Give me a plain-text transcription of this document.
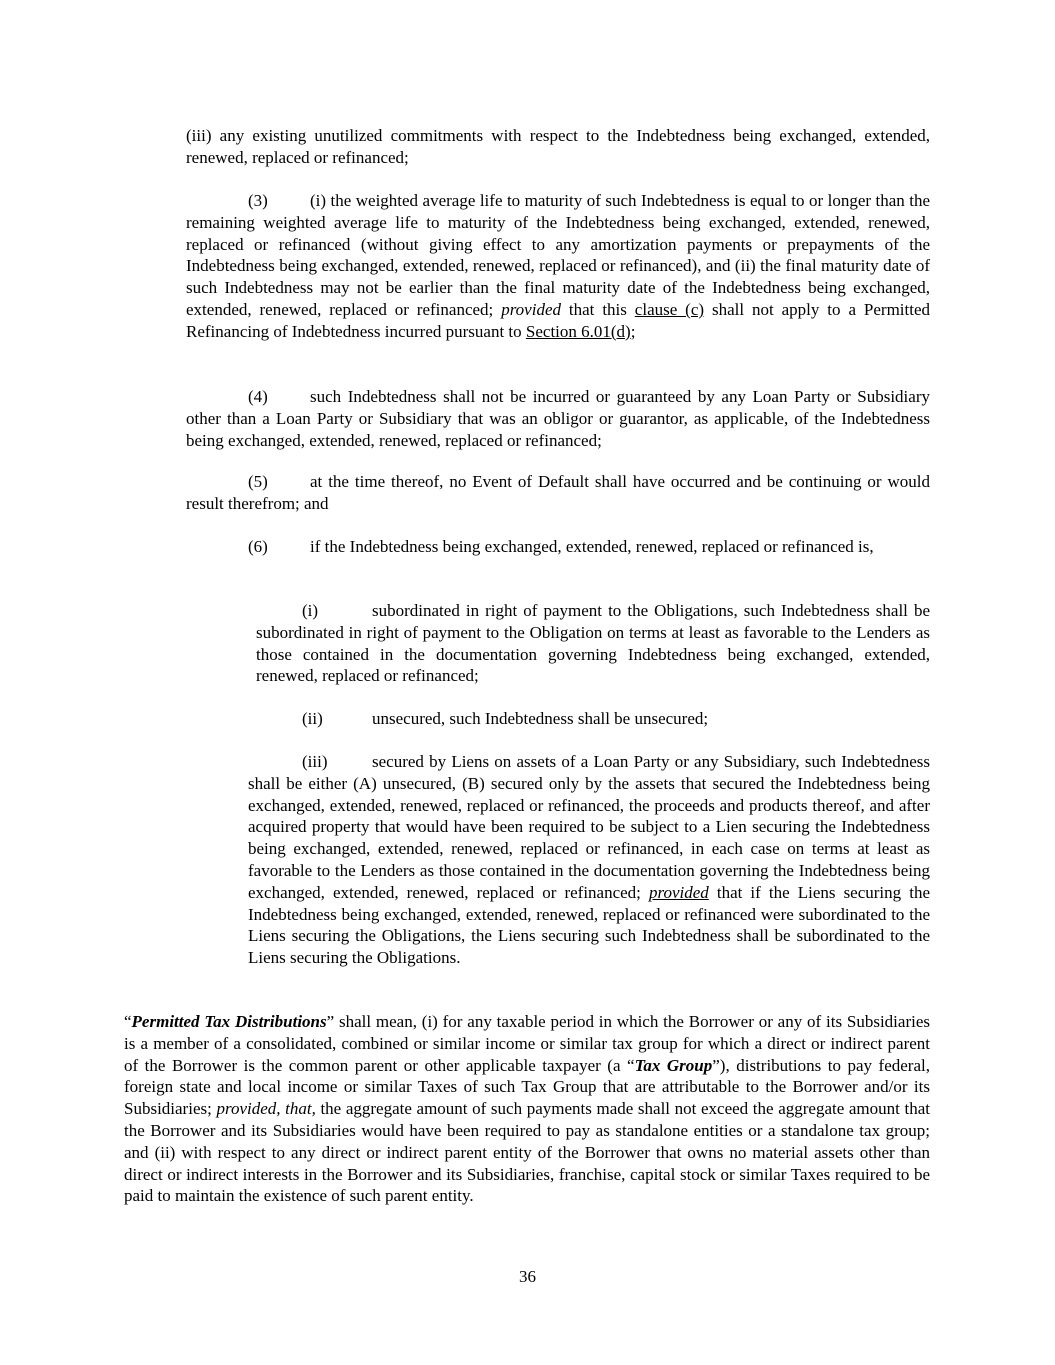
(iii) any existing unutilized commitments with respect to the Indebtedness being exchanged, extended, renewed, replaced or refinanced;

(3) (i) the weighted average life to maturity of such Indebtedness is equal to or longer than the remaining weighted average life to maturity of the Indebtedness being exchanged, extended, renewed, replaced or refinanced (without giving effect to any amortization payments or prepayments of the Indebtedness being exchanged, extended, renewed, replaced or refinanced), and (ii) the final maturity date of such Indebtedness may not be earlier than the final maturity date of the Indebtedness being exchanged, extended, renewed, replaced or refinanced; provided that this clause (c) shall not apply to a Permitted Refinancing of Indebtedness incurred pursuant to Section 6.01(d);

(4) such Indebtedness shall not be incurred or guaranteed by any Loan Party or Subsidiary other than a Loan Party or Subsidiary that was an obligor or guarantor, as applicable, of the Indebtedness being exchanged, extended, renewed, replaced or refinanced;

(5) at the time thereof, no Event of Default shall have occurred and be continuing or would result therefrom; and

(6) if the Indebtedness being exchanged, extended, renewed, replaced or refinanced is,

(i)	subordinated in right of payment to the Obligations, such Indebtedness shall be subordinated in right of payment to the Obligation on terms at least as favorable to the Lenders as those contained in the documentation governing Indebtedness being exchanged, extended, renewed, replaced or refinanced;

(ii)	unsecured, such Indebtedness shall be unsecured;

(iii)	secured by Liens on assets of a Loan Party or any Subsidiary, such Indebtedness shall be either (A) unsecured, (B) secured only by the assets that secured the Indebtedness being exchanged, extended, renewed, replaced or refinanced, the proceeds and products thereof, and after acquired property that would have been required to be subject to a Lien securing the Indebtedness being exchanged, extended, renewed, replaced or refinanced, in each case on terms at least as favorable to the Lenders as those contained in the documentation governing the Indebtedness being exchanged, extended, renewed, replaced or refinanced; provided that if the Liens securing the Indebtedness being exchanged, extended, renewed, replaced or refinanced were subordinated to the Liens securing the Obligations, the Liens securing such Indebtedness shall be subordinated to the Liens securing the Obligations.

“Permitted Tax Distributions” shall mean, (i) for any taxable period in which the Borrower or any of its Subsidiaries is a member of a consolidated, combined or similar income or similar tax group for which a direct or indirect parent of the Borrower is the common parent or other applicable taxpayer (a “Tax Group”), distributions to pay federal, foreign state and local income or similar Taxes of such Tax Group that are attributable to the Borrower and/or its Subsidiaries; provided, that, the aggregate amount of such payments made shall not exceed the aggregate amount that the Borrower and its Subsidiaries would have been required to pay as standalone entities or a standalone tax group; and (ii) with respect to any direct or indirect parent entity of the Borrower that owns no material assets other than direct or indirect interests in the Borrower and its Subsidiaries, franchise, capital stock or similar Taxes required to be paid to maintain the existence of such parent entity.

36
